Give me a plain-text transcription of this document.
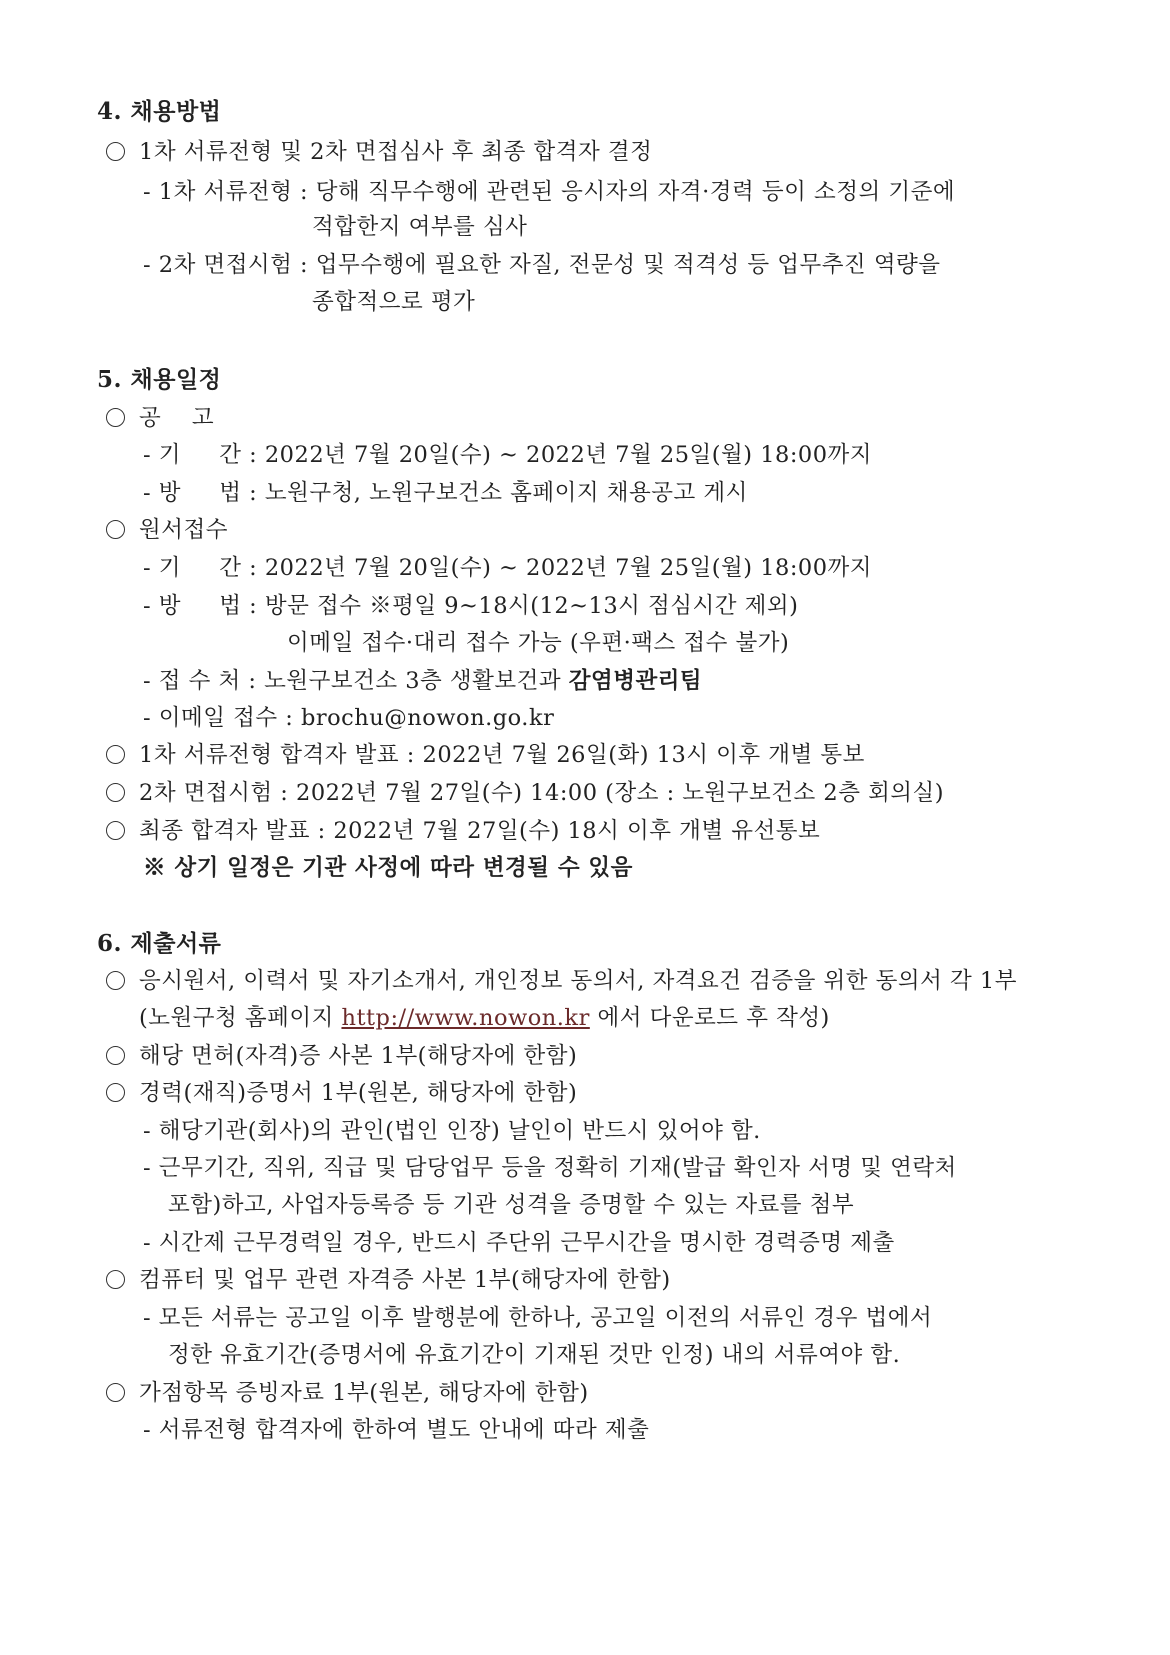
4. 채용방법
1차 서류전형 및 2차 면접심사 후 최종 합격자 결정
- 1차 서류전형 : 당해 직무수행에 관련된 응시자의 자격·경력 등이 소정의 기준에
적합한지 여부를 심사
- 2차 면접시험 : 업무수행에 필요한 자질, 전문성 및 적격성 등 업무추진 역량을
종합적으로 평가
5. 채용일정
공    고
- 기     간 : 2022년 7월 20일(수) ~ 2022년 7월 25일(월) 18:00까지
- 방     법 : 노원구청, 노원구보건소 홈페이지 채용공고 게시
원서접수
- 기     간 : 2022년 7월 20일(수) ~ 2022년 7월 25일(월) 18:00까지
- 방     법 : 방문 접수 ※평일 9~18시(12~13시 점심시간 제외)
이메일 접수·대리 접수 가능 (우편·팩스 접수 불가)
- 접 수 처 : 노원구보건소 3층 생활보건과 감염병관리팀
- 이메일 접수 : brochu@nowon.go.kr
1차 서류전형 합격자 발표 : 2022년 7월 26일(화) 13시 이후 개별 통보
2차 면접시험 : 2022년 7월 27일(수) 14:00 (장소 : 노원구보건소 2층 회의실)
최종 합격자 발표 : 2022년 7월 27일(수) 18시 이후 개별 유선통보
※ 상기 일정은 기관 사정에 따라 변경될 수 있음
6. 제출서류
응시원서, 이력서 및 자기소개서, 개인정보 동의서, 자격요건 검증을 위한 동의서 각 1부
(노원구청 홈페이지 http://www.nowon.kr 에서 다운로드 후 작성)
해당 면허(자격)증 사본 1부(해당자에 한함)
경력(재직)증명서 1부(원본, 해당자에 한함)
- 해당기관(회사)의 관인(법인 인장) 날인이 반드시 있어야 함.
- 근무기간, 직위, 직급 및 담당업무 등을 정확히 기재(발급 확인자 서명 및 연락처
포함)하고, 사업자등록증 등 기관 성격을 증명할 수 있는 자료를 첨부
- 시간제 근무경력일 경우, 반드시 주단위 근무시간을 명시한 경력증명 제출
컴퓨터 및 업무 관련 자격증 사본 1부(해당자에 한함)
- 모든 서류는 공고일 이후 발행분에 한하나, 공고일 이전의 서류인 경우 법에서
정한 유효기간(증명서에 유효기간이 기재된 것만 인정) 내의 서류여야 함.
가점항목 증빙자료 1부(원본, 해당자에 한함)
- 서류전형 합격자에 한하여 별도 안내에 따라 제출
